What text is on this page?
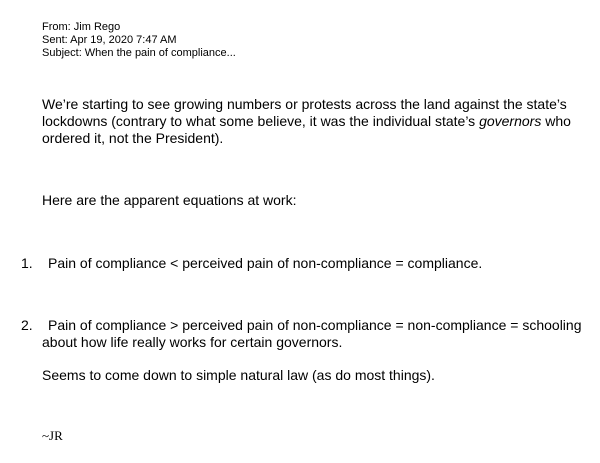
From: Jim Rego
Sent: Apr 19, 2020 7:47 AM
Subject: When the pain of compliance...
We’re starting to see growing numbers or protests across the land against the state’s lockdowns (contrary to what some believe, it was the individual state’s governors who ordered it, not the President).
Here are the apparent equations at work:
1. Pain of compliance < perceived pain of non-compliance = compliance.
2. Pain of compliance > perceived pain of non-compliance = non-compliance = schooling
about how life really works for certain governors.
Seems to come down to simple natural law (as do most things).
~JR
